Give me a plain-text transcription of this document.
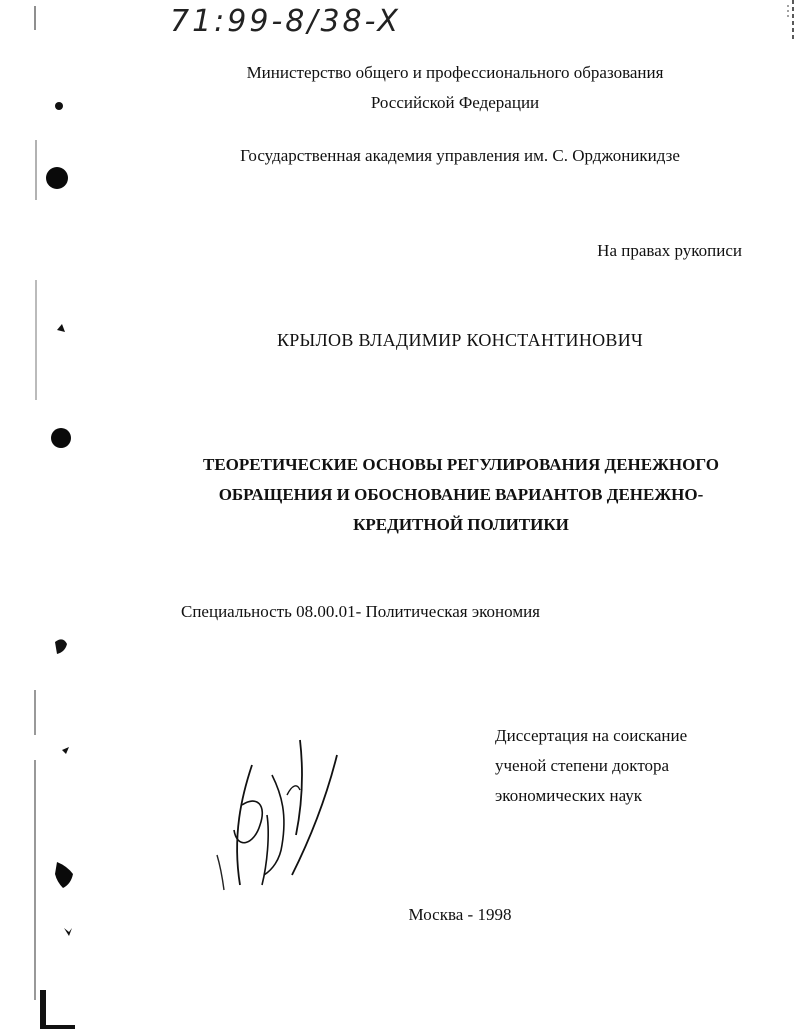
71:99-8/38-X
Министерство общего и профессионального образования
Российской Федерации
Государственная академия управления им. С. Орджоникидзе
На правах рукописи
КРЫЛОВ ВЛАДИМИР КОНСТАНТИНОВИЧ
ТЕОРЕТИЧЕСКИЕ ОСНОВЫ РЕГУЛИРОВАНИЯ ДЕНЕЖНОГО
ОБРАЩЕНИЯ И ОБОСНОВАНИЕ ВАРИАНТОВ ДЕНЕЖНО-
КРЕДИТНОЙ ПОЛИТИКИ
Специальность 08.00.01- Политическая экономия
Диссертация на соискание
ученой степени доктора
экономических наук
Москва - 1998
